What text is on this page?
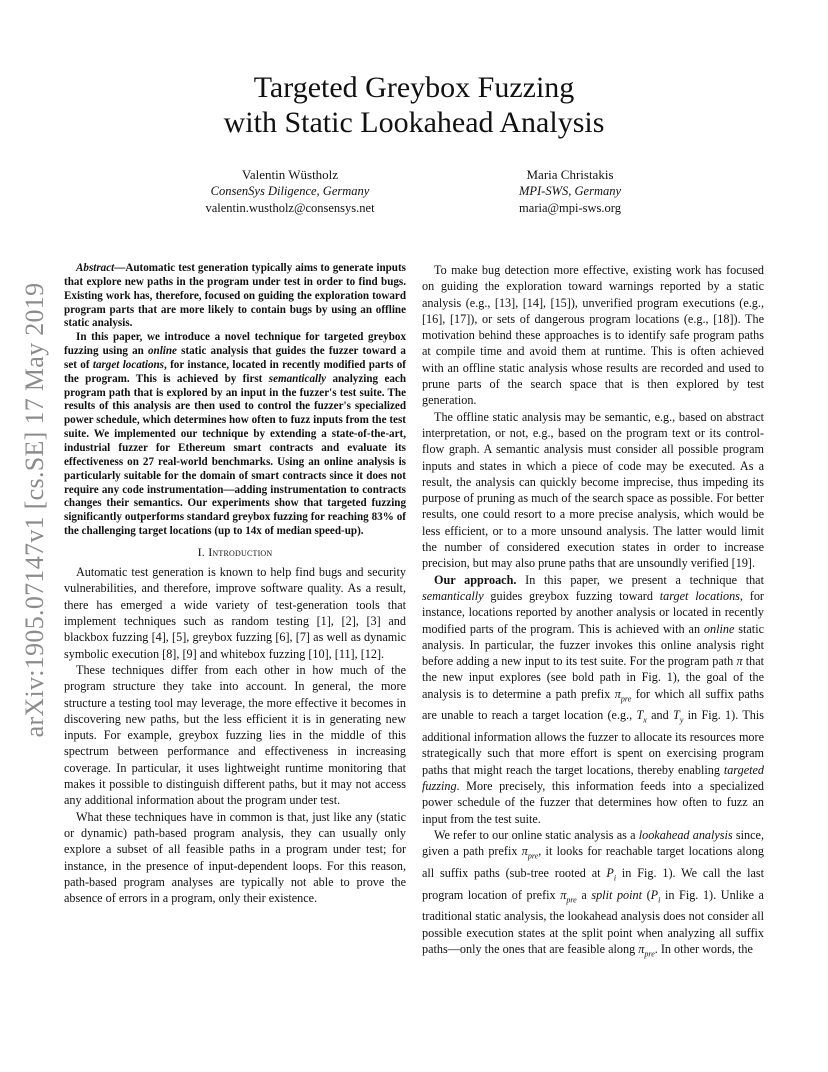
arXiv:1905.07147v1 [cs.SE] 17 May 2019
Targeted Greybox Fuzzing
with Static Lookahead Analysis
Valentin Wüstholz
ConsenSys Diligence, Germany
valentin.wustholz@consensys.net
Maria Christakis
MPI-SWS, Germany
maria@mpi-sws.org

Abstract—Automatic test generation typically aims to generate inputs that explore new paths in the program under test in order to find bugs. Existing work has, therefore, focused on guiding the exploration toward program parts that are more likely to contain bugs by using an offline static analysis.

In this paper, we introduce a novel technique for targeted greybox fuzzing using an online static analysis that guides the fuzzer toward a set of target locations, for instance, located in recently modified parts of the program. This is achieved by first semantically analyzing each program path that is explored by an input in the fuzzer's test suite. The results of this analysis are then used to control the fuzzer's specialized power schedule, which determines how often to fuzz inputs from the test suite. We implemented our technique by extending a state-of-the-art, industrial fuzzer for Ethereum smart contracts and evaluate its effectiveness on 27 real-world benchmarks. Using an online analysis is particularly suitable for the domain of smart contracts since it does not require any code instrumentation—adding instrumentation to contracts changes their semantics. Our experiments show that targeted fuzzing significantly outperforms standard greybox fuzzing for reaching 83% of the challenging target locations (up to 14x of median speed-up).

I. Introduction

Automatic test generation is known to help find bugs and security vulnerabilities, and therefore, improve software quality. As a result, there has emerged a wide variety of test-generation tools that implement techniques such as random testing [1], [2], [3] and blackbox fuzzing [4], [5], greybox fuzzing [6], [7] as well as dynamic symbolic execution [8], [9] and whitebox fuzzing [10], [11], [12].

These techniques differ from each other in how much of the program structure they take into account. In general, the more structure a testing tool may leverage, the more effective it becomes in discovering new paths, but the less efficient it is in generating new inputs. For example, greybox fuzzing lies in the middle of this spectrum between performance and effectiveness in increasing coverage. In particular, it uses lightweight runtime monitoring that makes it possible to distinguish different paths, but it may not access any additional information about the program under test.

What these techniques have in common is that, just like any (static or dynamic) path-based program analysis, they can usually only explore a subset of all feasible paths in a program under test; for instance, in the presence of input-dependent loops. For this reason, path-based program analyses are typically not able to prove the absence of errors in a program, only their existence.

To make bug detection more effective, existing work has focused on guiding the exploration toward warnings reported by a static analysis (e.g., [13], [14], [15]), unverified program executions (e.g., [16], [17]), or sets of dangerous program locations (e.g., [18]). The motivation behind these approaches is to identify safe program paths at compile time and avoid them at runtime. This is often achieved with an offline static analysis whose results are recorded and used to prune parts of the search space that is then explored by test generation.

The offline static analysis may be semantic, e.g., based on abstract interpretation, or not, e.g., based on the program text or its control-flow graph. A semantic analysis must consider all possible program inputs and states in which a piece of code may be executed. As a result, the analysis can quickly become imprecise, thus impeding its purpose of pruning as much of the search space as possible. For better results, one could resort to a more precise analysis, which would be less efficient, or to a more unsound analysis. The latter would limit the number of considered execution states in order to increase precision, but may also prune paths that are unsoundly verified [19].

Our approach. In this paper, we present a technique that semantically guides greybox fuzzing toward target locations, for instance, locations reported by another analysis or located in recently modified parts of the program. This is achieved with an online static analysis. In particular, the fuzzer invokes this online analysis right before adding a new input to its test suite. For the program path π that the new input explores (see bold path in Fig. 1), the goal of the analysis is to determine a path prefix $\pi_{pre}$ for which all suffix paths are unable to reach a target location (e.g., $T_x$ and $T_y$ in Fig. 1). This additional information allows the fuzzer to allocate its resources more strategically such that more effort is spent on exercising program paths that might reach the target locations, thereby enabling targeted fuzzing. More precisely, this information feeds into a specialized power schedule of the fuzzer that determines how often to fuzz an input from the test suite.

We refer to our online static analysis as a lookahead analysis since, given a path prefix $\pi_{pre}$, it looks for reachable target locations along all suffix paths (sub-tree rooted at $P_i$ in Fig. 1). We call the last program location of prefix $\pi_{pre}$ a split point ($P_i$ in Fig. 1). Unlike a traditional static analysis, the lookahead analysis does not consider all possible execution states at the split point when analyzing all suffix paths—only the ones that are feasible along $\pi_{pre}$. In other words, the
